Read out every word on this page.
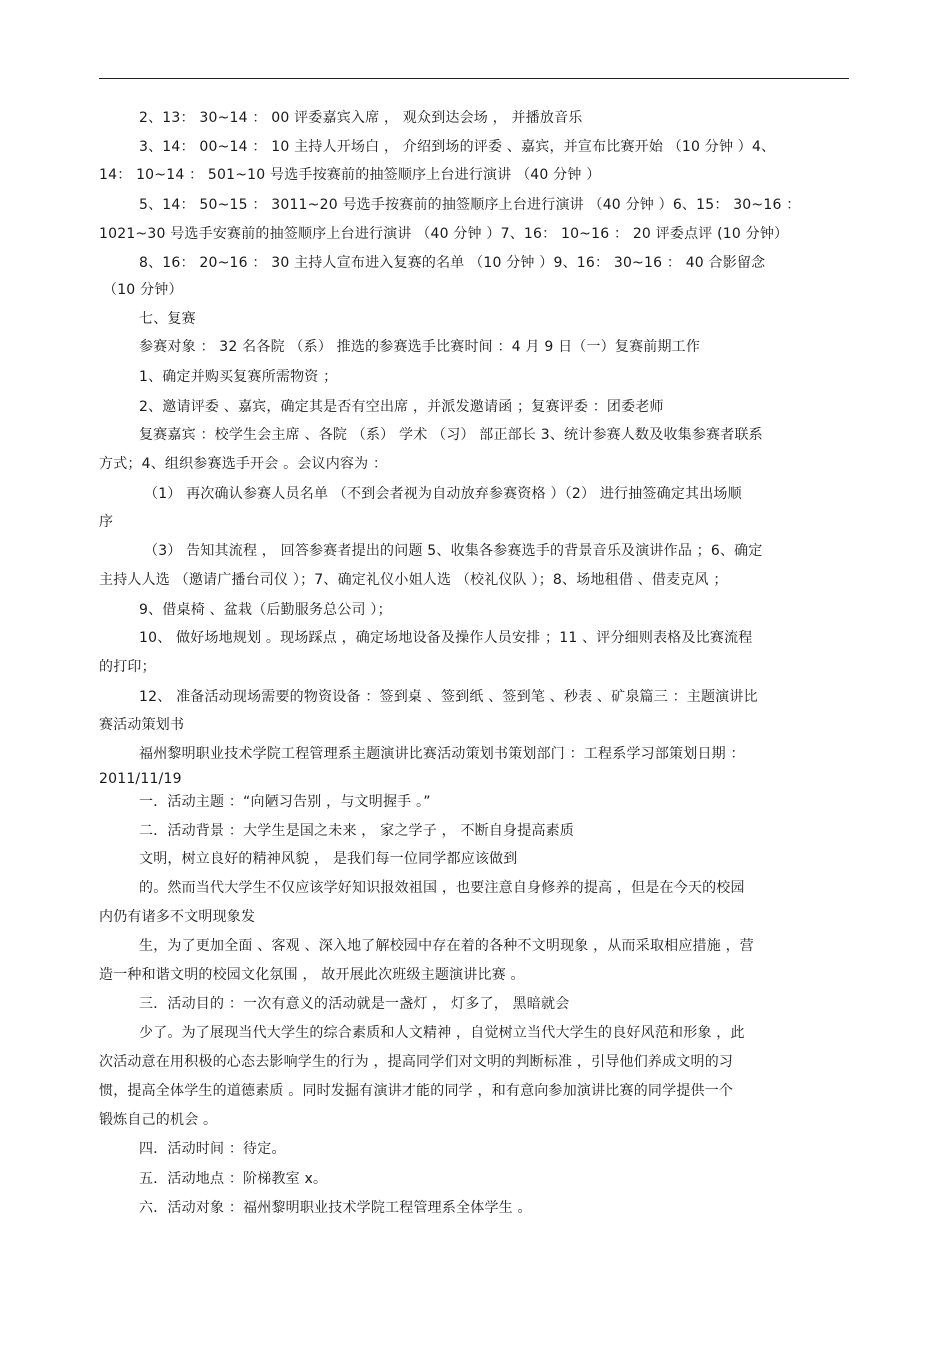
2、13： 30~14 ： 00 评委嘉宾入席 ， 观众到达会场 ， 并播放音乐
3、14： 00~14 ： 10 主持人开场白 ， 介绍到场的评委 、嘉宾，并宣布比赛开始 （10 分钟 ）4、
14： 10~14 ： 501~10 号选手按赛前的抽签顺序上台进行演讲 （40 分钟 ）
5、14： 50~15 ： 3011~20 号选手按赛前的抽签顺序上台进行演讲 （40 分钟 ）6、15： 30~16 ：
1021~30 号选手安赛前的抽签顺序上台进行演讲 （40 分钟 ）7、16： 10~16 ： 20 评委点评 (10 分钟）
8、16： 20~16 ： 30 主持人宣布进入复赛的名单 （10 分钟 ）9、16： 30~16 ： 40 合影留念
（10 分钟）
七、复赛
参赛对象 ： 32 名各院 （系） 推选的参赛选手比赛时间 ：4 月 9 日（一）复赛前期工作
1、确定并购买复赛所需物资 ；
2、邀请评委 、嘉宾，确定其是否有空出席 ，并派发邀请函 ；复赛评委 ：团委老师
复赛嘉宾 ：校学生会主席 、各院 （系） 学术 （习） 部正部长 3、统计参赛人数及收集参赛者联系
方式；4、组织参赛选手开会 。会议内容为 ：
（1） 再次确认参赛人员名单 （不到会者视为自动放弃参赛资格 ）（2） 进行抽签确定其出场顺
序
（3） 告知其流程 ， 回答参赛者提出的问题 5、收集各参赛选手的背景音乐及演讲作品 ；6、确定
主持人人选 （邀请广播台司仪 ）；7、确定礼仪小姐人选 （校礼仪队 ）；8、场地租借 、借麦克风 ；
9、借桌椅 、盆栽（后勤服务总公司 ）；
10、 做好场地规划 。现场踩点 ，确定场地设备及操作人员安排 ；11 、评分细则表格及比赛流程
的打印；
12、 准备活动现场需要的物资设备 ：签到桌 、签到纸 、签到笔 、秒表 、矿泉篇三 ：主题演讲比
赛活动策划书
福州黎明职业技术学院工程管理系主题演讲比赛活动策划书策划部门 ：工程系学习部策划日期 ：
2011/11/19
一．活动主题 ：“向陋习告别 ，与文明握手 。”
二．活动背景 ：大学生是国之未来 ， 家之学子 ， 不断自身提高素质
文明，树立良好的精神风貌 ， 是我们每一位同学都应该做到
的。然而当代大学生不仅应该学好知识报效祖国 ，也要注意自身修养的提高 ，但是在今天的校园
内仍有诸多不文明现象发
生，为了更加全面 、客观 、深入地了解校园中存在着的各种不文明现象 ，从而采取相应措施 ，营
造一种和谐文明的校园文化氛围 ， 故开展此次班级主题演讲比赛 。
三．活动目的 ：一次有意义的活动就是一盏灯 ， 灯多了， 黑暗就会
少了。为了展现当代大学生的综合素质和人文精神 ，自觉树立当代大学生的良好风范和形象 ，此
次活动意在用积极的心态去影响学生的行为 ，提高同学们对文明的判断标准 ，引导他们养成文明的习
惯，提高全体学生的道德素质 。同时发掘有演讲才能的同学 ，和有意向参加演讲比赛的同学提供一个
锻炼自己的机会 。
四．活动时间 ：待定。
五．活动地点 ：阶梯教室 x。
六．活动对象 ：福州黎明职业技术学院工程管理系全体学生 。
